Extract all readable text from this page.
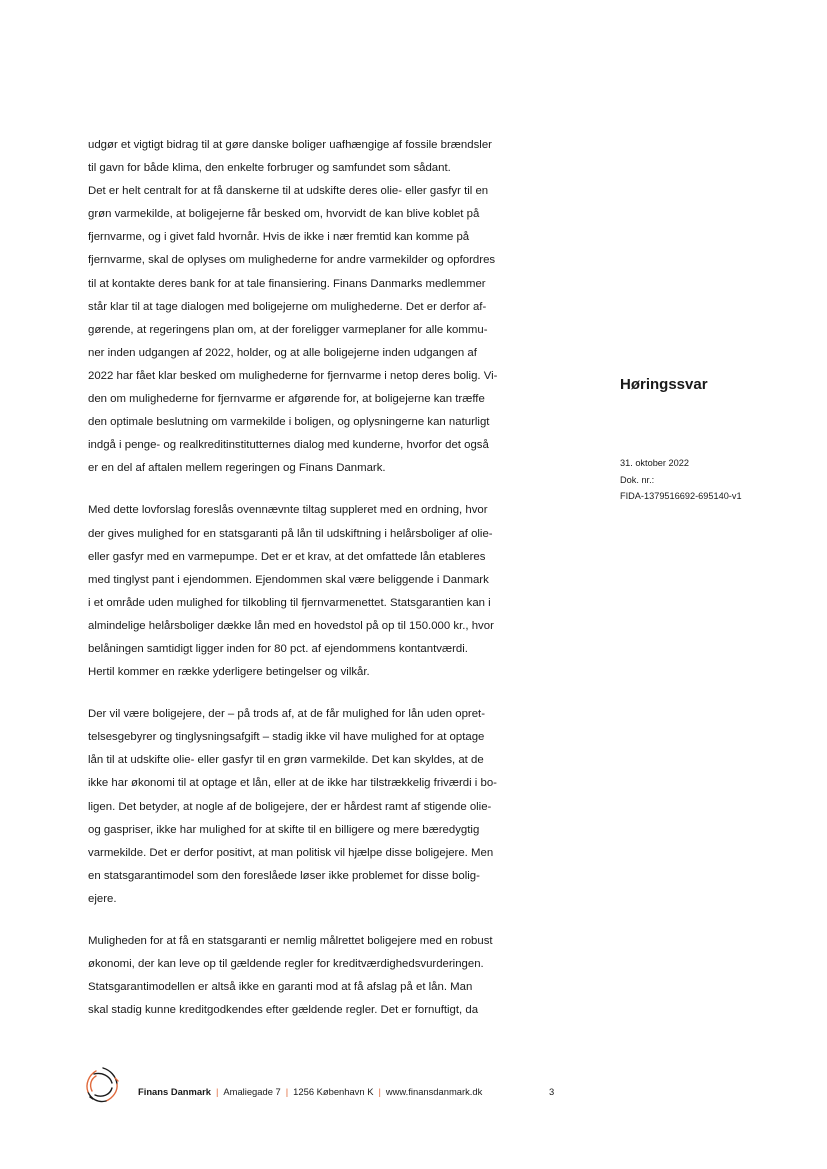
udgør et vigtigt bidrag til at gøre danske boliger uafhængige af fossile brændsler
til gavn for både klima, den enkelte forbruger og samfundet som sådant.
Det er helt centralt for at få danskerne til at udskifte deres olie- eller gasfyr til en
grøn varmekilde, at boligejerne får besked om, hvorvidt de kan blive koblet på
fjernvarme, og i givet fald hvornår. Hvis de ikke i nær fremtid kan komme på
fjernvarme, skal de oplyses om mulighederne for andre varmekilder og opfordres
til at kontakte deres bank for at tale finansiering. Finans Danmarks medlemmer
står klar til at tage dialogen med boligejerne om mulighederne. Det er derfor af-
gørende, at regeringens plan om, at der foreligger varmeplaner for alle kommu-
ner inden udgangen af 2022, holder, og at alle boligejerne inden udgangen af
2022 har fået klar besked om mulighederne for fjernvarme i netop deres bolig. Vi-
den om mulighederne for fjernvarme er afgørende for, at boligejerne kan træffe
den optimale beslutning om varmekilde i boligen, og oplysningerne kan naturligt
indgå i penge- og realkreditinstitutternes dialog med kunderne, hvorfor det også
er en del af aftalen mellem regeringen og Finans Danmark.

Med dette lovforslag foreslås ovennævnte tiltag suppleret med en ordning, hvor
der gives mulighed for en statsgaranti på lån til udskiftning i helårsboliger af olie-
eller gasfyr med en varmepumpe. Det er et krav, at det omfattede lån etableres
med tinglyst pant i ejendommen. Ejendommen skal være beliggende i Danmark
i et område uden mulighed for tilkobling til fjernvarmenettet. Statsgarantien kan i
almindelige helårsboliger dække lån med en hovedstol på op til 150.000 kr., hvor
belåningen samtidigt ligger inden for 80 pct. af ejendommens kontantværdi.
Hertil kommer en række yderligere betingelser og vilkår.

Der vil være boligejere, der – på trods af, at de får mulighed for lån uden opret-
telsesgebyrer og tinglysningsafgift – stadig ikke vil have mulighed for at optage
lån til at udskifte olie- eller gasfyr til en grøn varmekilde. Det kan skyldes, at de
ikke har økonomi til at optage et lån, eller at de ikke har tilstrækkelig friværdi i bo-
ligen. Det betyder, at nogle af de boligejere, der er hårdest ramt af stigende olie-
og gaspriser, ikke har mulighed for at skifte til en billigere og mere bæredygtig
varmekilde. Det er derfor positivt, at man politisk vil hjælpe disse boligejere. Men
en statsgarantimodel som den foreslåede løser ikke problemet for disse bolig-
ejere.

Muligheden for at få en statsgaranti er nemlig målrettet boligejere med en robust
økonomi, der kan leve op til gældende regler for kreditværdighedsvurderingen.
Statsgarantimodellen er altså ikke en garanti mod at få afslag på et lån. Man
skal stadig kunne kreditgodkendes efter gældende regler. Det er fornuftigt, da

Høringssvar
31. oktober 2022
Dok. nr.:
FIDA-1379516692-695140-v1
Finans Danmark | Amaliegade 7 | 1256 København K | www.finansdanmark.dk	3
